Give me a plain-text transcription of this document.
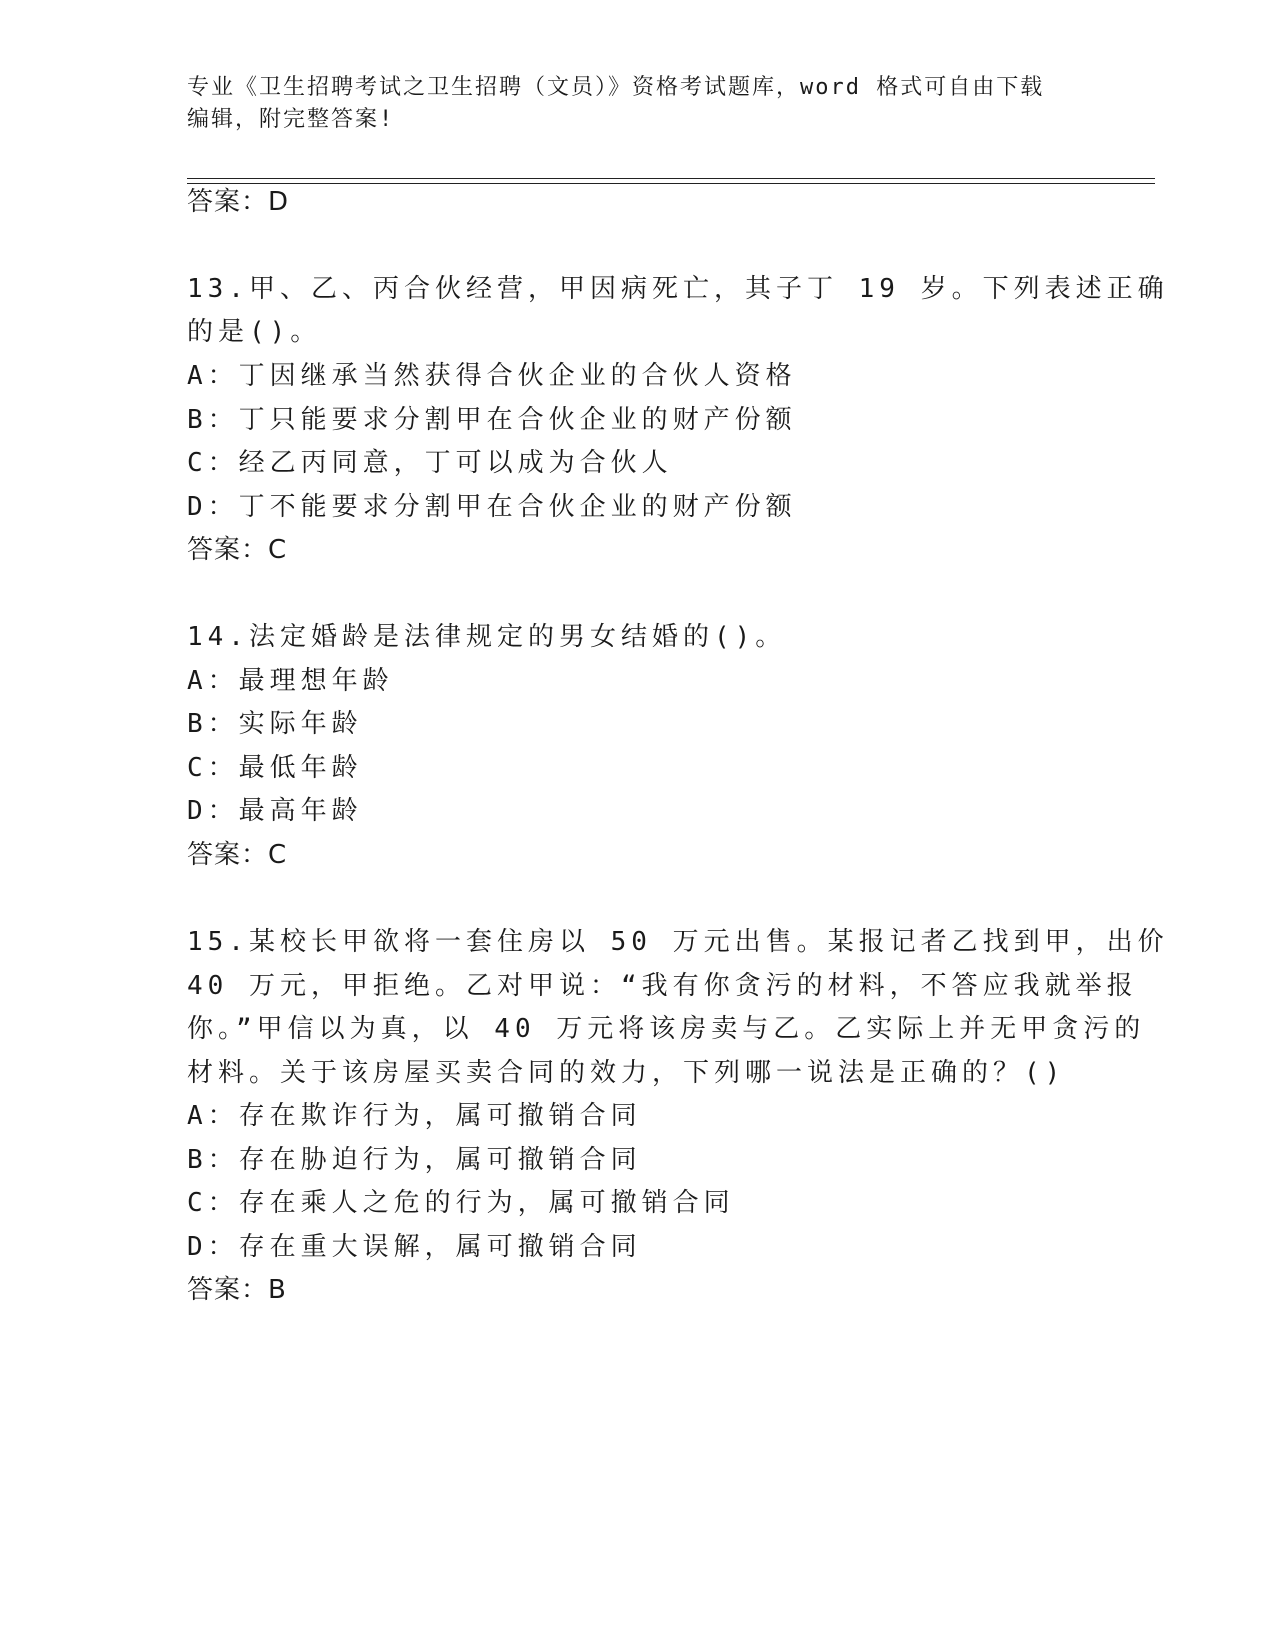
专业《卫生招聘考试之卫生招聘（文员）》资格考试题库，word 格式可自由下载
编辑，附完整答案!
答案：D
13.甲、乙、丙合伙经营，甲因病死亡，其子丁 19 岁。下列表述正确
的是()。
A：丁因继承当然获得合伙企业的合伙人资格
B：丁只能要求分割甲在合伙企业的财产份额
C：经乙丙同意，丁可以成为合伙人
D：丁不能要求分割甲在合伙企业的财产份额
答案：C
14.法定婚龄是法律规定的男女结婚的()。
A：最理想年龄
B：实际年龄
C：最低年龄
D：最高年龄
答案：C
15.某校长甲欲将一套住房以 50 万元出售。某报记者乙找到甲，出价
40 万元，甲拒绝。乙对甲说：“我有你贪污的材料，不答应我就举报
你。”甲信以为真，以 40 万元将该房卖与乙。乙实际上并无甲贪污的
材料。关于该房屋买卖合同的效力，下列哪一说法是正确的？()
A：存在欺诈行为，属可撤销合同
B：存在胁迫行为，属可撤销合同
C：存在乘人之危的行为，属可撤销合同
D：存在重大误解，属可撤销合同
答案：B
